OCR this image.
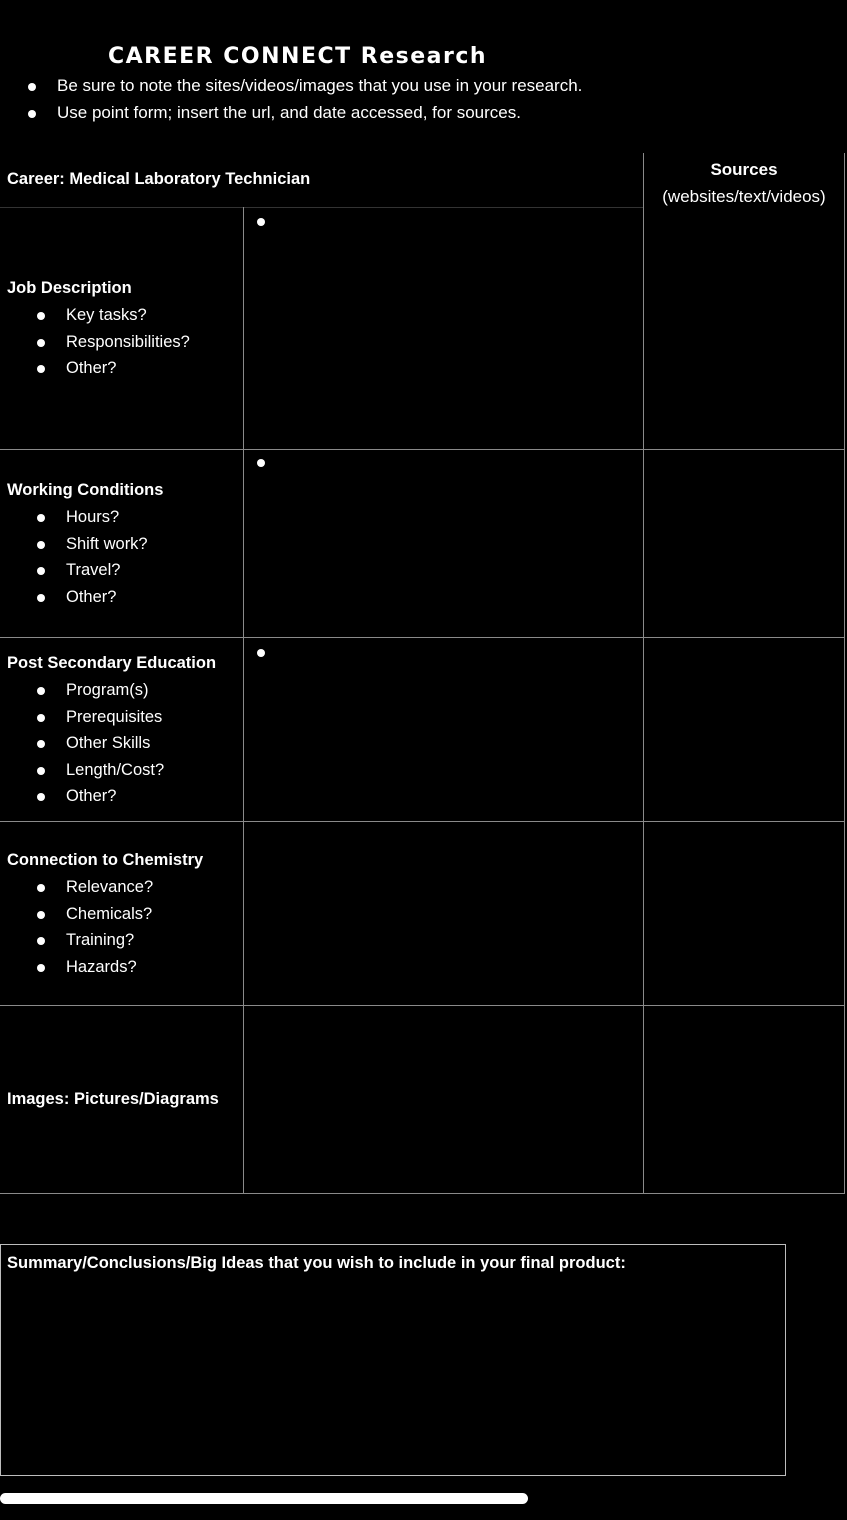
CAREER CONNECT Research
Be sure to note the sites/videos/images that you use in your research.
Use point form; insert the url, and date accessed, for sources.
Career: Medical Laboratory Technician	Sources
(websites/text/videos)
Job Description
Key tasks?
Responsibilities?
Other?
Working Conditions
Hours?
Shift work?
Travel?
Other?
Post Secondary Education
Program(s)
Prerequisites
Other Skills
Length/Cost?
Other?
Connection to Chemistry
Relevance?
Chemicals?
Training?
Hazards?
Images: Pictures/Diagrams
Summary/Conclusions/Big Ideas that you wish to include in your final product:
